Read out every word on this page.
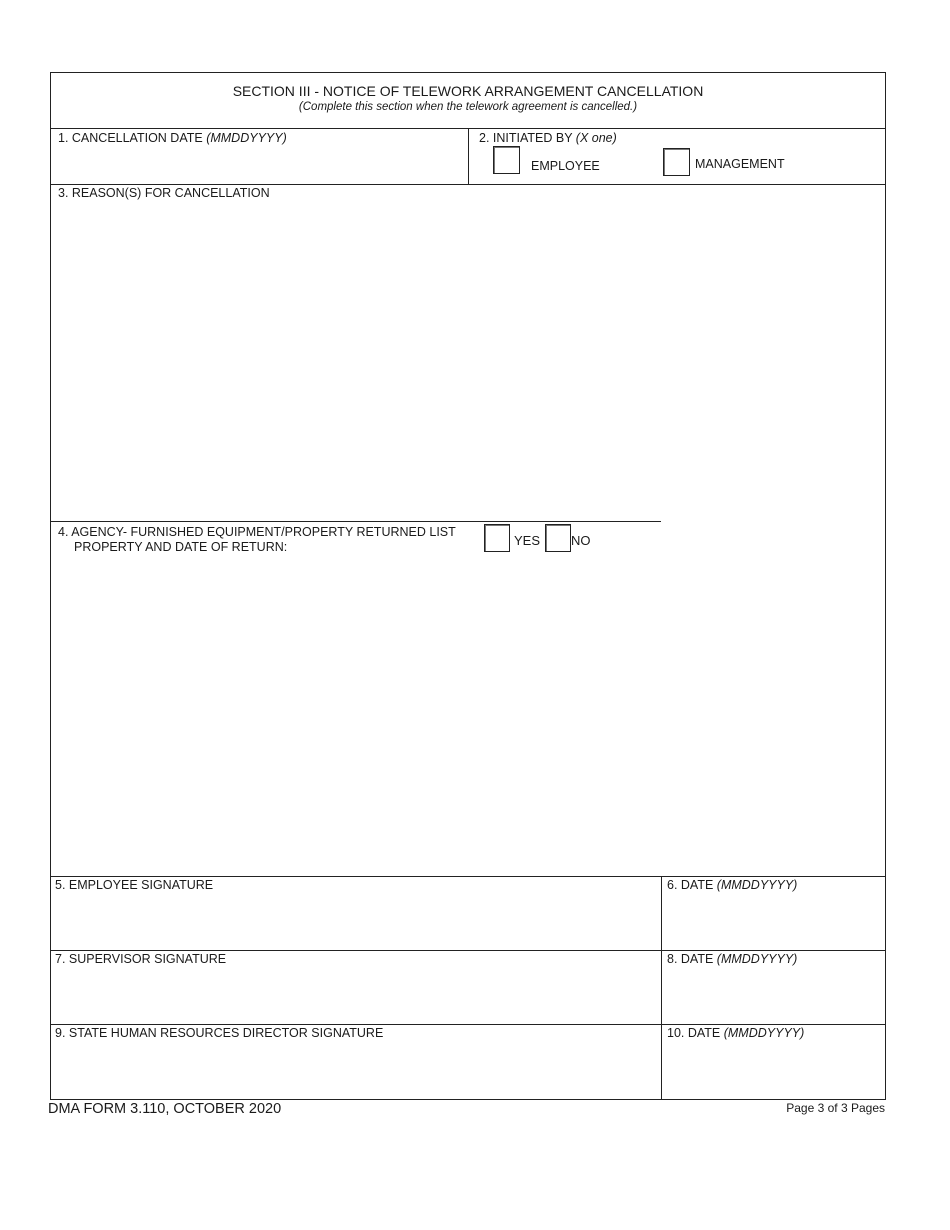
SECTION III - NOTICE OF TELEWORK ARRANGEMENT CANCELLATION
(Complete this section when the telework agreement is cancelled.)
1. CANCELLATION DATE (MMDDYYYY)	2. INITIATED BY (X one)
EMPLOYEE	MANAGEMENT
3. REASON(S) FOR CANCELLATION
4. AGENCY- FURNISHED EQUIPMENT/PROPERTY RETURNED LIST
PROPERTY AND DATE OF RETURN:	YES NO
5. EMPLOYEE SIGNATURE	6. DATE (MMDDYYYY)
7. SUPERVISOR SIGNATURE	8. DATE (MMDDYYYY)
9. STATE HUMAN RESOURCES DIRECTOR SIGNATURE	10. DATE (MMDDYYYY)
DMA FORM 3.110, OCTOBER 2020	Page 3 of 3 Pages
